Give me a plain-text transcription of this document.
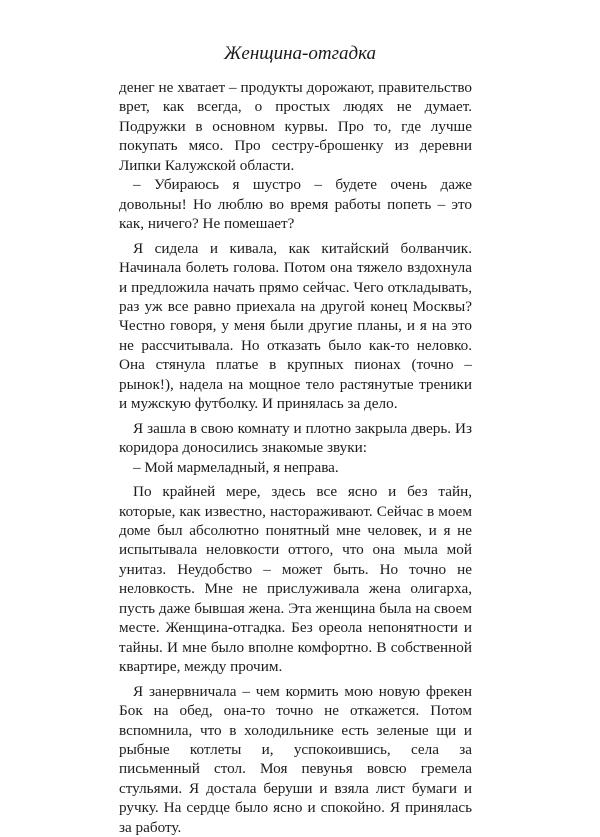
Женщина-отгадка

денег не хватает – продукты дорожают, правительство врет, как всегда, о простых людях не думает. Подружки в основном курвы. Про то, где лучше покупать мясо. Про сестру-брошенку из деревни Липки Калужской области.

– Убираюсь я шустро – будете очень даже довольны! Но люблю во время работы попеть – это как, ничего? Не помешает?

Я сидела и кивала, как китайский болванчик. Начинала болеть голова. Потом она тяжело вздохнула и предложила начать прямо сейчас. Чего откладывать, раз уж все равно приехала на другой конец Москвы? Честно говоря, у меня были другие планы, и я на это не рассчитывала. Но отказать было как-то неловко. Она стянула платье в крупных пионах (точно – рынок!), надела на мощное тело растянутые треники и мужскую футболку. И принялась за дело.

Я зашла в свою комнату и плотно закрыла дверь. Из коридора доносились знакомые звуки:

– Мой мармеладный, я неправа.

По крайней мере, здесь все ясно и без тайн, которые, как известно, настораживают. Сейчас в моем доме был абсолютно понятный мне человек, и я не испытывала неловкости оттого, что она мыла мой унитаз. Неудобство – может быть. Но точно не неловкость. Мне не прислуживала жена олигарха, пусть даже бывшая жена. Эта женщина была на своем месте. Женщина-отгадка. Без ореола непонятности и тайны. И мне было вполне комфортно. В собственной квартире, между прочим.

Я занервничала – чем кормить мою новую фрекен Бок на обед, она-то точно не откажется. Потом вспомнила, что в холодильнике есть зеленые щи и рыбные котлеты и, успокоившись, села за письменный стол. Моя певунья вовсю гремела стульями. Я достала беруши и взяла лист бумаги и ручку. На сердце было ясно и спокойно. Я принялась за работу.
